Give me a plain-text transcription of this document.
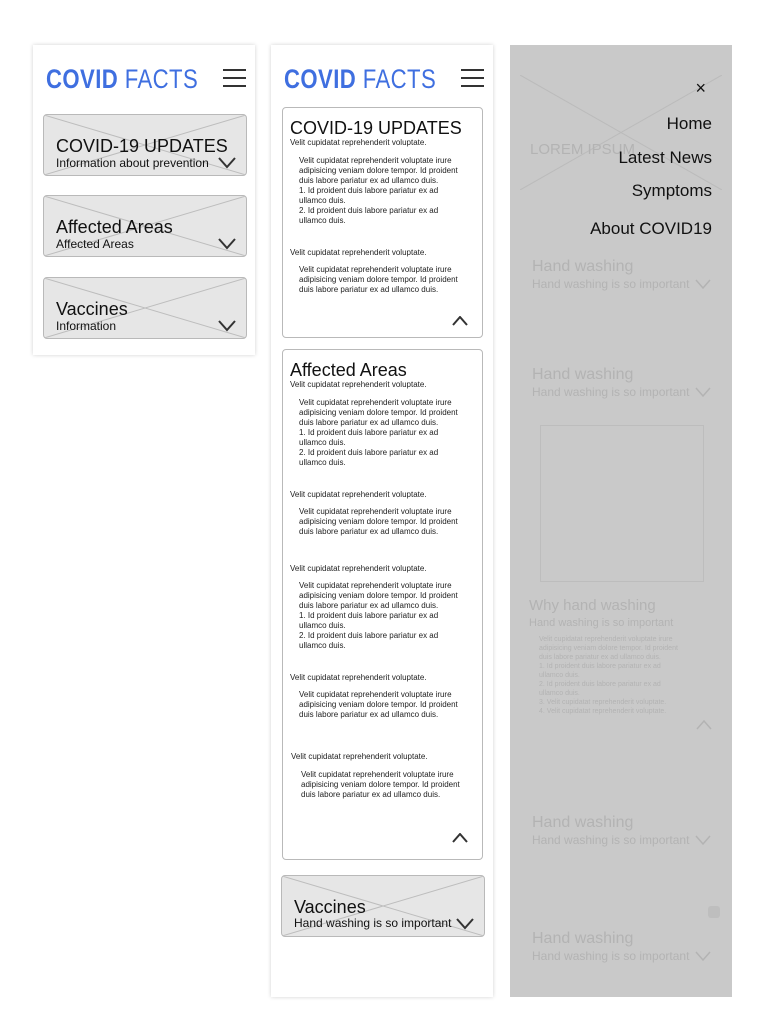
COVID FACTS
COVID-19 UPDATES
Information about prevention
Affected Areas
Affected Areas
Vaccines
Information
COVID FACTS
COVID-19 UPDATES
Velit cupidatat reprehenderit voluptate.
Velit cupidatat reprehenderit voluptate irure
adipisicing veniam dolore tempor. Id proident
duis labore pariatur ex ad ullamco duis.
1. Id proident duis labore pariatur ex ad
ullamco duis.
2. Id proident duis labore pariatur ex ad
ullamco duis.
Velit cupidatat reprehenderit voluptate.
Velit cupidatat reprehenderit voluptate irure
adipisicing veniam dolore tempor. Id proident
duis labore pariatur ex ad ullamco duis.
Affected Areas
Velit cupidatat reprehenderit voluptate.
Velit cupidatat reprehenderit voluptate irure
adipisicing veniam dolore tempor. Id proident
duis labore pariatur ex ad ullamco duis.
1. Id proident duis labore pariatur ex ad
ullamco duis.
2. Id proident duis labore pariatur ex ad
ullamco duis.
Velit cupidatat reprehenderit voluptate.
Velit cupidatat reprehenderit voluptate irure
adipisicing veniam dolore tempor. Id proident
duis labore pariatur ex ad ullamco duis.
Velit cupidatat reprehenderit voluptate.
Velit cupidatat reprehenderit voluptate irure
adipisicing veniam dolore tempor. Id proident
duis labore pariatur ex ad ullamco duis.
1. Id proident duis labore pariatur ex ad
ullamco duis.
2. Id proident duis labore pariatur ex ad
ullamco duis.
Velit cupidatat reprehenderit voluptate.
Velit cupidatat reprehenderit voluptate irure
adipisicing veniam dolore tempor. Id proident
duis labore pariatur ex ad ullamco duis.
Velit cupidatat reprehenderit voluptate.
Velit cupidatat reprehenderit voluptate irure
adipisicing veniam dolore tempor. Id proident
duis labore pariatur ex ad ullamco duis.
Vaccines
Hand washing is so important
LOREM IPSUM
Hand washing
Hand washing is so important
Hand washing
Hand washing is so important
Why hand washing
Hand washing is so important
Velit cupidatat reprehenderit voluptate irure
adipisicing veniam dolore tempor. Id proident
duis labore pariatur ex ad ullamco duis.
1. Id proident duis labore pariatur ex ad
ullamco duis.
2. Id proident duis labore pariatur ex ad
ullamco duis.
3. Velit cupidatat reprehenderit voluptate.
4. Velit cupidatat reprehenderit voluptate.
Hand washing
Hand washing is so important
Hand washing
Hand washing is so important
×
Home
Latest News
Symptoms
About COVID19
